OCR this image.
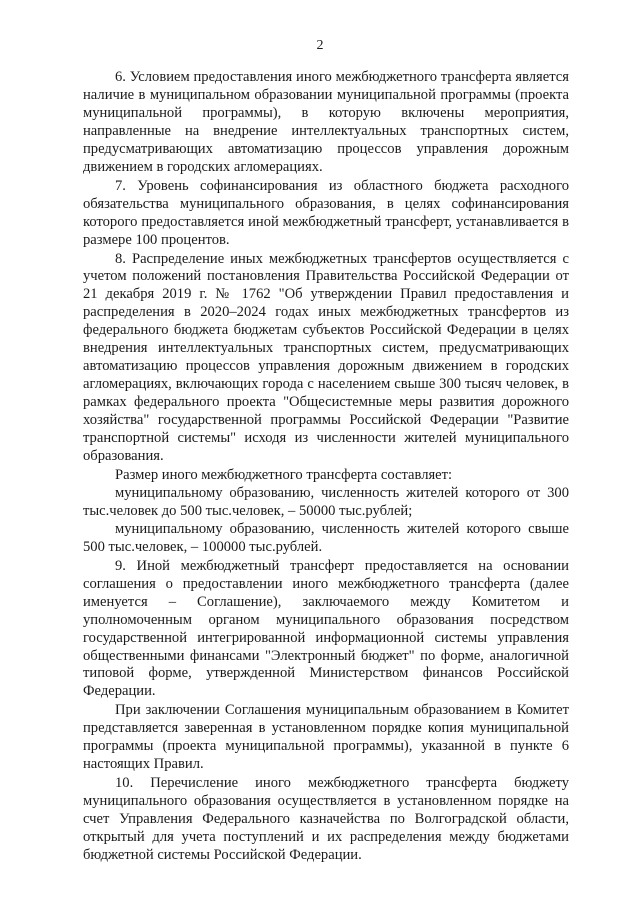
2

6. Условием предоставления иного межбюджетного трансферта является наличие в муниципальном образовании муниципальной программы (проекта муниципальной программы), в которую включены мероприятия, направленные на внедрение интеллектуальных транспортных систем, предусматривающих автоматизацию процессов управления дорожным движением в городских агломерациях.

7. Уровень софинансирования из областного бюджета расходного обязательства муниципального образования, в целях софинансирования которого предоставляется иной межбюджетный трансферт, устанавливается в размере 100 процентов.

8. Распределение иных межбюджетных трансфертов осуществляется с учетом положений постановления Правительства Российской Федерации от 21 декабря 2019 г. № 1762 "Об утверждении Правил предоставления и распределения в 2020–2024 годах иных межбюджетных трансфертов из федерального бюджета бюджетам субъектов Российской Федерации в целях внедрения интеллектуальных транспортных систем, предусматривающих автоматизацию процессов управления дорожным движением в городских агломерациях, включающих города с населением свыше 300 тысяч человек, в рамках федерального проекта "Общесистемные меры развития дорожного хозяйства" государственной программы Российской Федерации "Развитие транспортной системы" исходя из численности жителей муниципального образования.

Размер иного межбюджетного трансферта составляет:

муниципальному образованию, численность жителей которого от 300 тыс.человек до 500 тыс.человек, – 50000 тыс.рублей;

муниципальному образованию, численность жителей которого свыше 500 тыс.человек, – 100000 тыс.рублей.

9. Иной межбюджетный трансферт предоставляется на основании соглашения о предоставлении иного межбюджетного трансферта (далее именуется – Соглашение), заключаемого между Комитетом и уполномоченным органом муниципального образования посредством государственной интегрированной информационной системы управления общественными финансами "Электронный бюджет" по форме, аналогичной типовой форме, утвержденной Министерством финансов Российской Федерации.

При заключении Соглашения муниципальным образованием в Комитет представляется заверенная в установленном порядке копия муниципальной программы (проекта муниципальной программы), указанной в пункте 6 настоящих Правил.

10. Перечисление иного межбюджетного трансферта бюджету муниципального образования осуществляется в установленном порядке на счет Управления Федерального казначейства по Волгоградской области, открытый для учета поступлений и их распределения между бюджетами бюджетной системы Российской Федерации.
